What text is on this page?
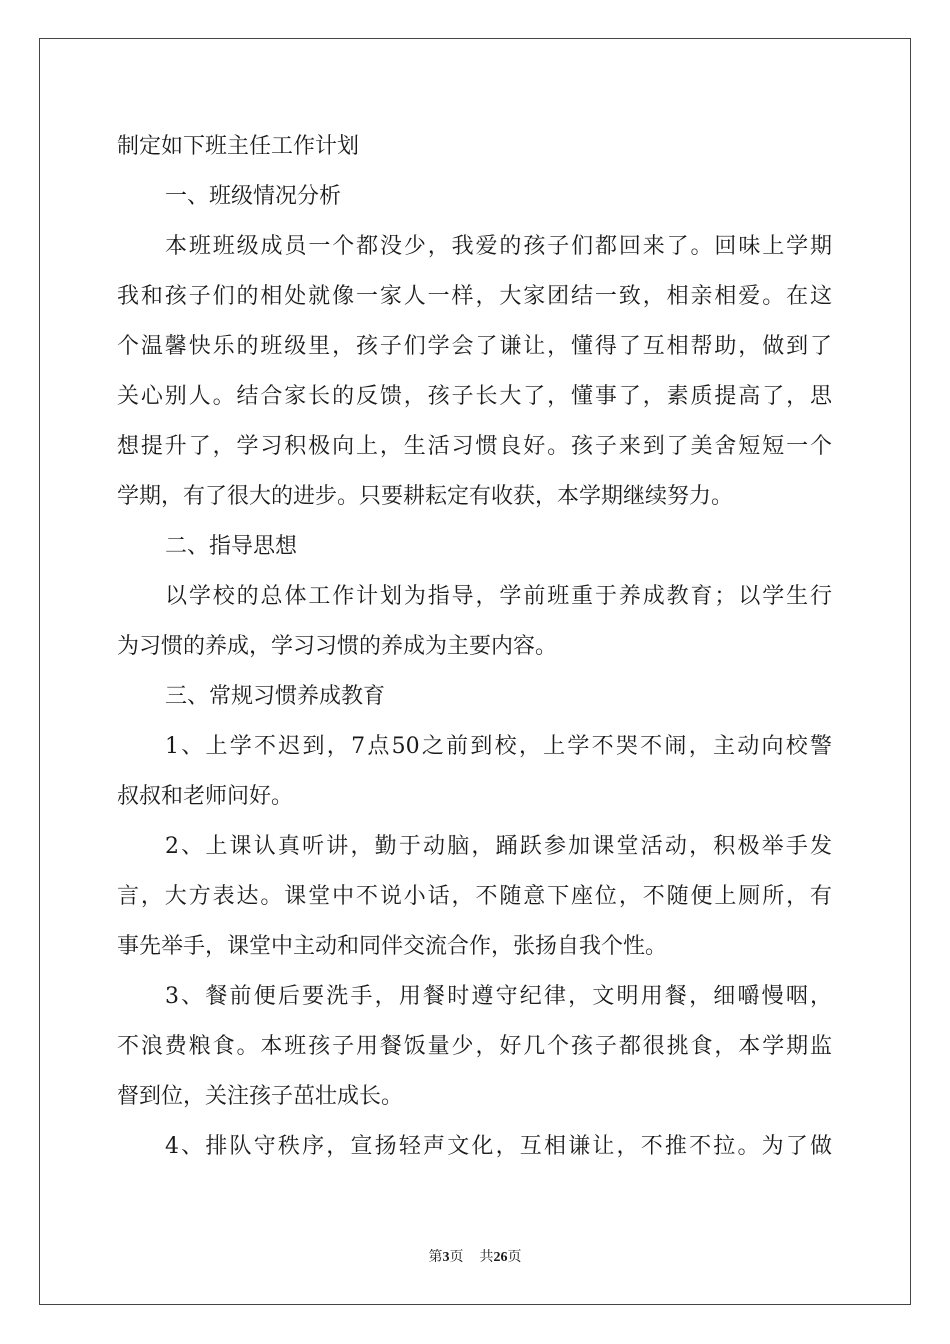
制定如下班主任工作计划
一、班级情况分析
本班班级成员一个都没少，我爱的孩子们都回来了。回味上学期
我和孩子们的相处就像一家人一样，大家团结一致，相亲相爱。在这
个温馨快乐的班级里，孩子们学会了谦让，懂得了互相帮助，做到了
关心别人。结合家长的反馈，孩子长大了，懂事了，素质提高了，思
想提升了，学习积极向上，生活习惯良好。孩子来到了美舍短短一个
学期，有了很大的进步。只要耕耘定有收获，本学期继续努力。
二、指导思想
以学校的总体工作计划为指导，学前班重于养成教育；以学生行
为习惯的养成，学习习惯的养成为主要内容。
三、常规习惯养成教育
1、上学不迟到，7点50之前到校，上学不哭不闹，主动向校警
叔叔和老师问好。
2、上课认真听讲，勤于动脑，踊跃参加课堂活动，积极举手发
言，大方表达。课堂中不说小话，不随意下座位，不随便上厕所，有
事先举手，课堂中主动和同伴交流合作，张扬自我个性。
3、餐前便后要洗手，用餐时遵守纪律，文明用餐，细嚼慢咽，
不浪费粮食。本班孩子用餐饭量少，好几个孩子都很挑食，本学期监
督到位，关注孩子茁壮成长。
4、排队守秩序，宣扬轻声文化，互相谦让，不推不拉。为了做
第3页 共26页
